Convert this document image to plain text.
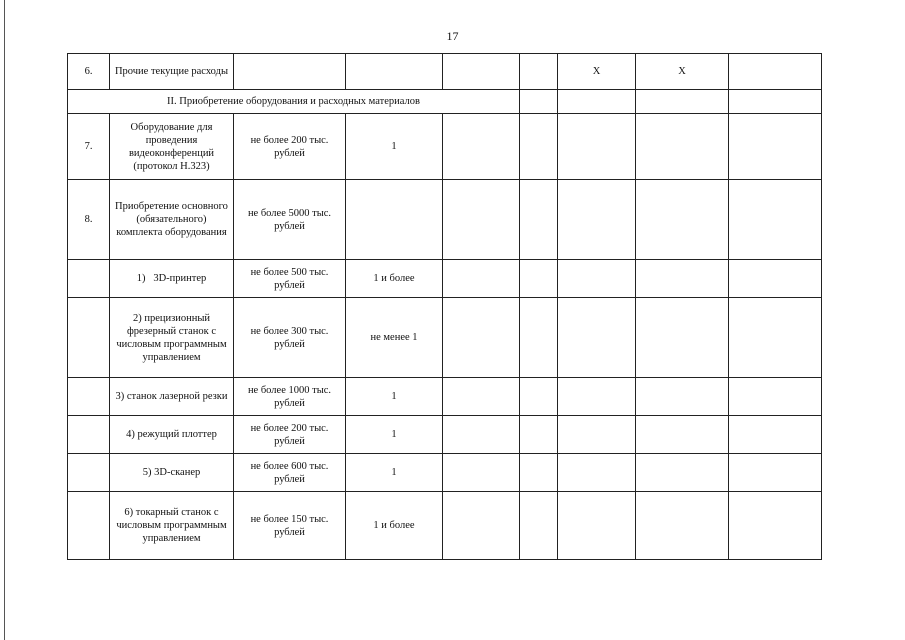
17
6.	Прочие текущие расходы					X	X	
II. Приобретение оборудования и расходных материалов								
7.	Оборудование для проведения видеоконференций (протокол H.323)	не более 200 тыс. рублей	1					
8.	Приобретение основного (обязательного) комплекта оборудования	не более 5000 тыс. рублей						
	1)   3D-принтер	не более 500 тыс. рублей	1 и более					
	2) прецизионный фрезерный станок с числовым программным управлением	не более 300 тыс. рублей	не менее 1					
	3) станок лазерной резки	не более 1000 тыс. рублей	1					
	4) режущий плоттер	не более 200 тыс. рублей	1					
	5) 3D-сканер	не более 600 тыс. рублей	1					
	6) токарный станок с числовым программным управлением	не более 150 тыс. рублей	1 и более					
